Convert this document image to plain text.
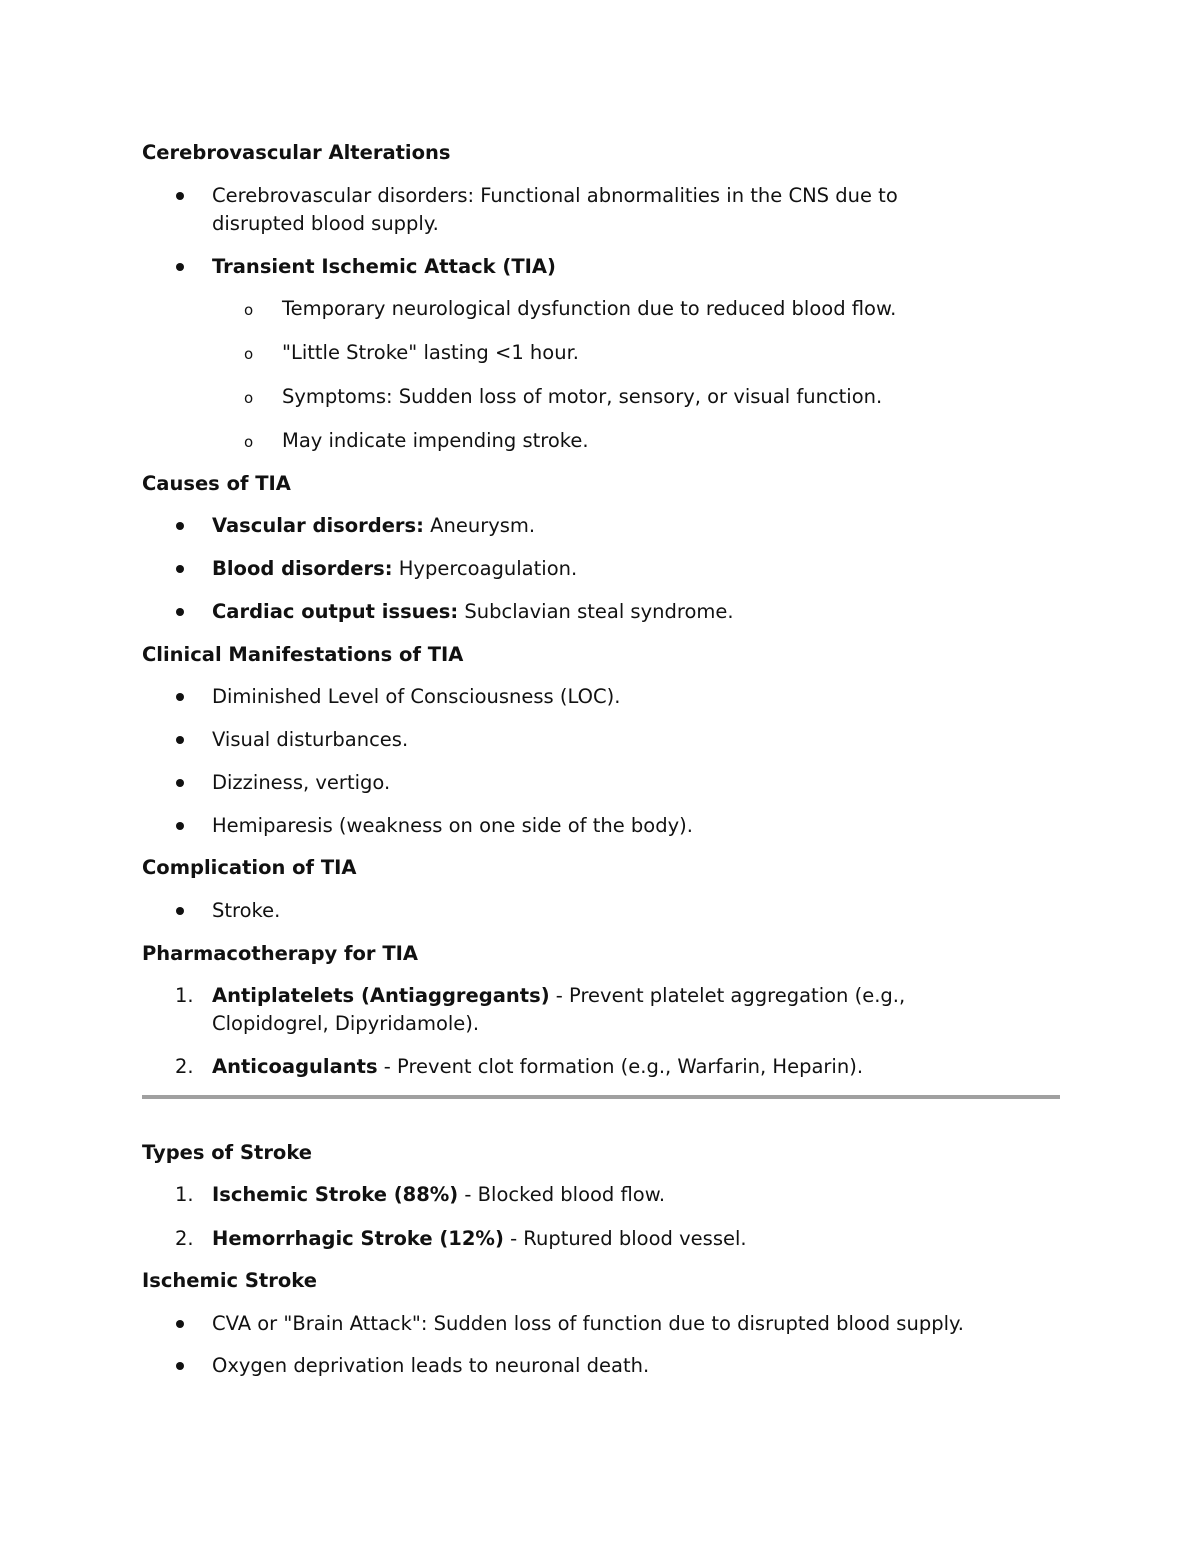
Cerebrovascular Alterations
Cerebrovascular disorders: Functional abnormalities in the CNS due to disrupted blood supply.
Transient Ischemic Attack (TIA)
o Temporary neurological dysfunction due to reduced blood flow.
o "Little Stroke" lasting <1 hour.
o Symptoms: Sudden loss of motor, sensory, or visual function.
o May indicate impending stroke.
Causes of TIA
Vascular disorders: Aneurysm.
Blood disorders: Hypercoagulation.
Cardiac output issues: Subclavian steal syndrome.
Clinical Manifestations of TIA
Diminished Level of Consciousness (LOC).
Visual disturbances.
Dizziness, vertigo.
Hemiparesis (weakness on one side of the body).
Complication of TIA
Stroke.
Pharmacotherapy for TIA
1. Antiplatelets (Antiaggregants) - Prevent platelet aggregation (e.g., Clopidogrel, Dipyridamole).
2. Anticoagulants - Prevent clot formation (e.g., Warfarin, Heparin).
Types of Stroke
1. Ischemic Stroke (88%) - Blocked blood flow.
2. Hemorrhagic Stroke (12%) - Ruptured blood vessel.
Ischemic Stroke
CVA or "Brain Attack": Sudden loss of function due to disrupted blood supply.
Oxygen deprivation leads to neuronal death.
